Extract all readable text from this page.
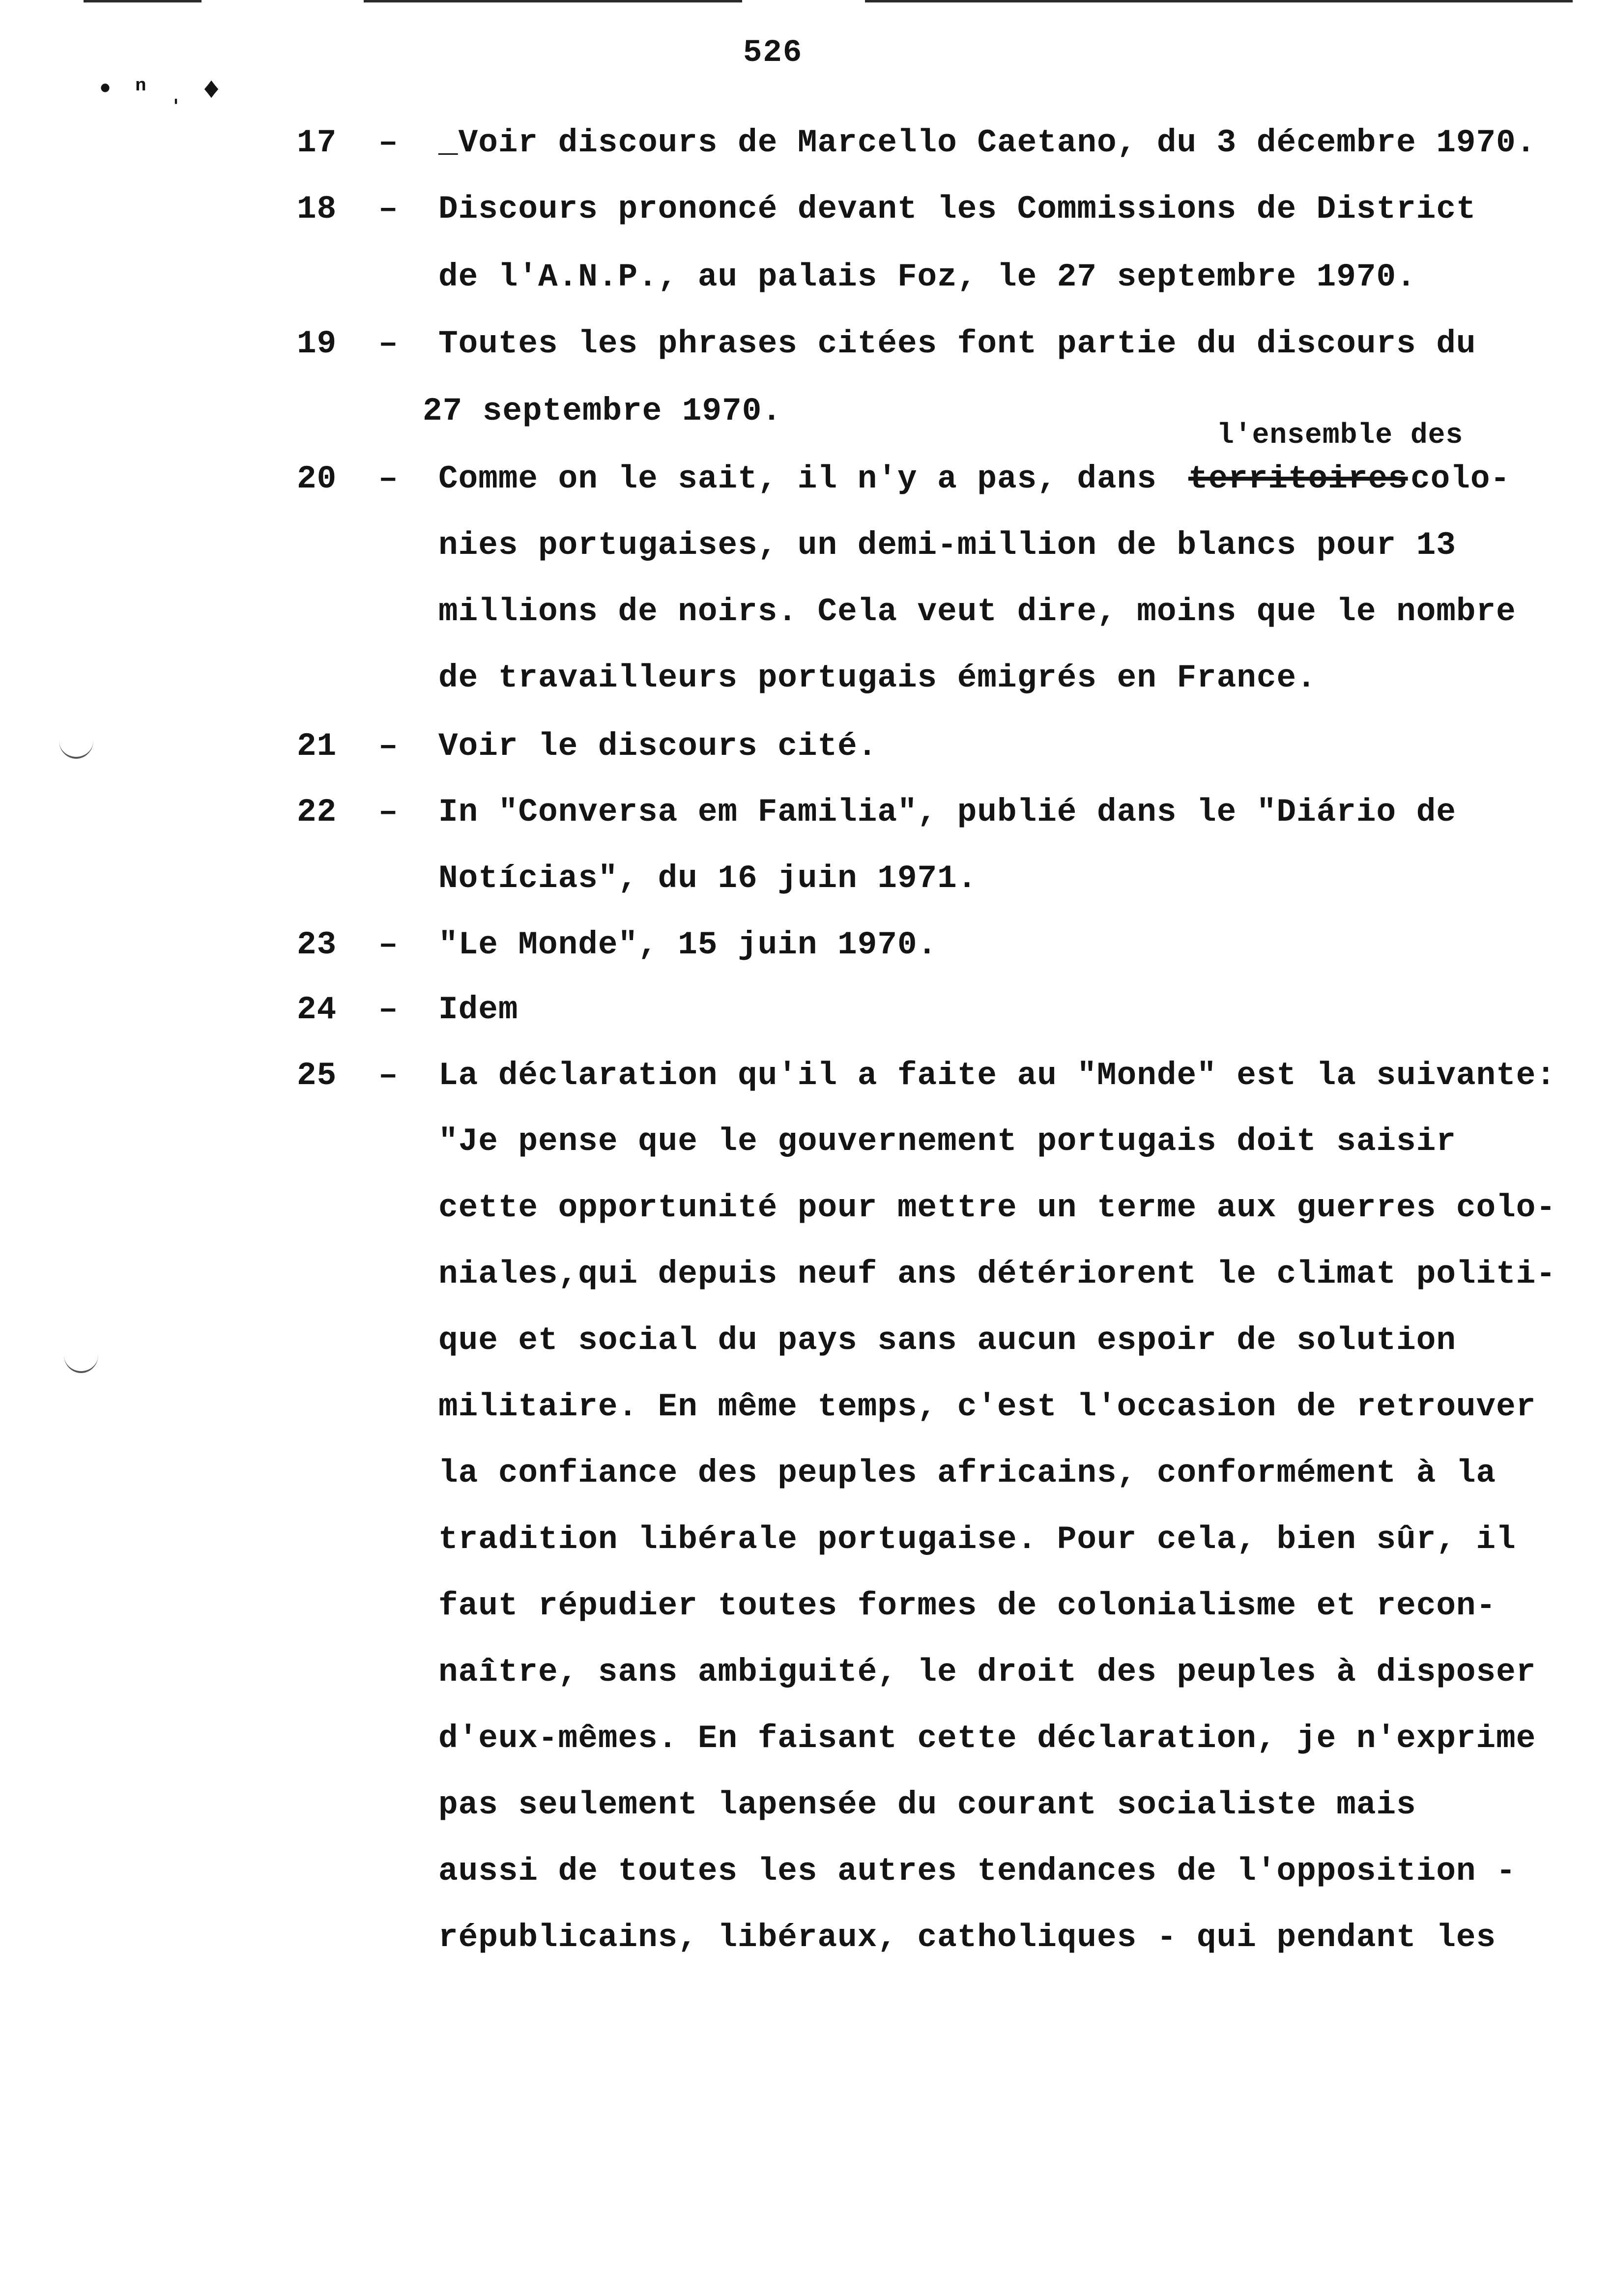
526
• ⁿ ˌ ♦
17 – _Voir discours de Marcello Caetano, du 3 décembre 1970.
18 – Discours prononcé devant les Commissions de District
de l'A.N.P., au palais Foz, le 27 septembre 1970.
19 – Toutes les phrases citées font partie du discours du
27 septembre 1970.
l'ensemble des
20 – Comme on le sait, il n'y a pas, dans territoires colo-
nies portugaises, un demi-million de blancs pour 13
millions de noirs. Cela veut dire, moins que le nombre
de travailleurs portugais émigrés en France.
21 – Voir le discours cité.
22 – In "Conversa em Familia", publié dans le "Diário de
Notícias", du 16 juin 1971.
23 – "Le Monde", 15 juin 1970.
24 – Idem
25 – La déclaration qu'il a faite au "Monde" est la suivante:
"Je pense que le gouvernement portugais doit saisir
cette opportunité pour mettre un terme aux guerres colo-
niales,qui depuis neuf ans détériorent le climat politi-
que et social du pays sans aucun espoir de solution
militaire. En même temps, c'est l'occasion de retrouver
la confiance des peuples africains, conformément à la
tradition libérale portugaise. Pour cela, bien sûr, il
faut répudier toutes formes de colonialisme et recon-
naître, sans ambiguité, le droit des peuples à disposer
d'eux-mêmes. En faisant cette déclaration, je n'exprime
pas seulement lapensée du courant socialiste mais
aussi de toutes les autres tendances de l'opposition -
républicains, libéraux, catholiques - qui pendant les
